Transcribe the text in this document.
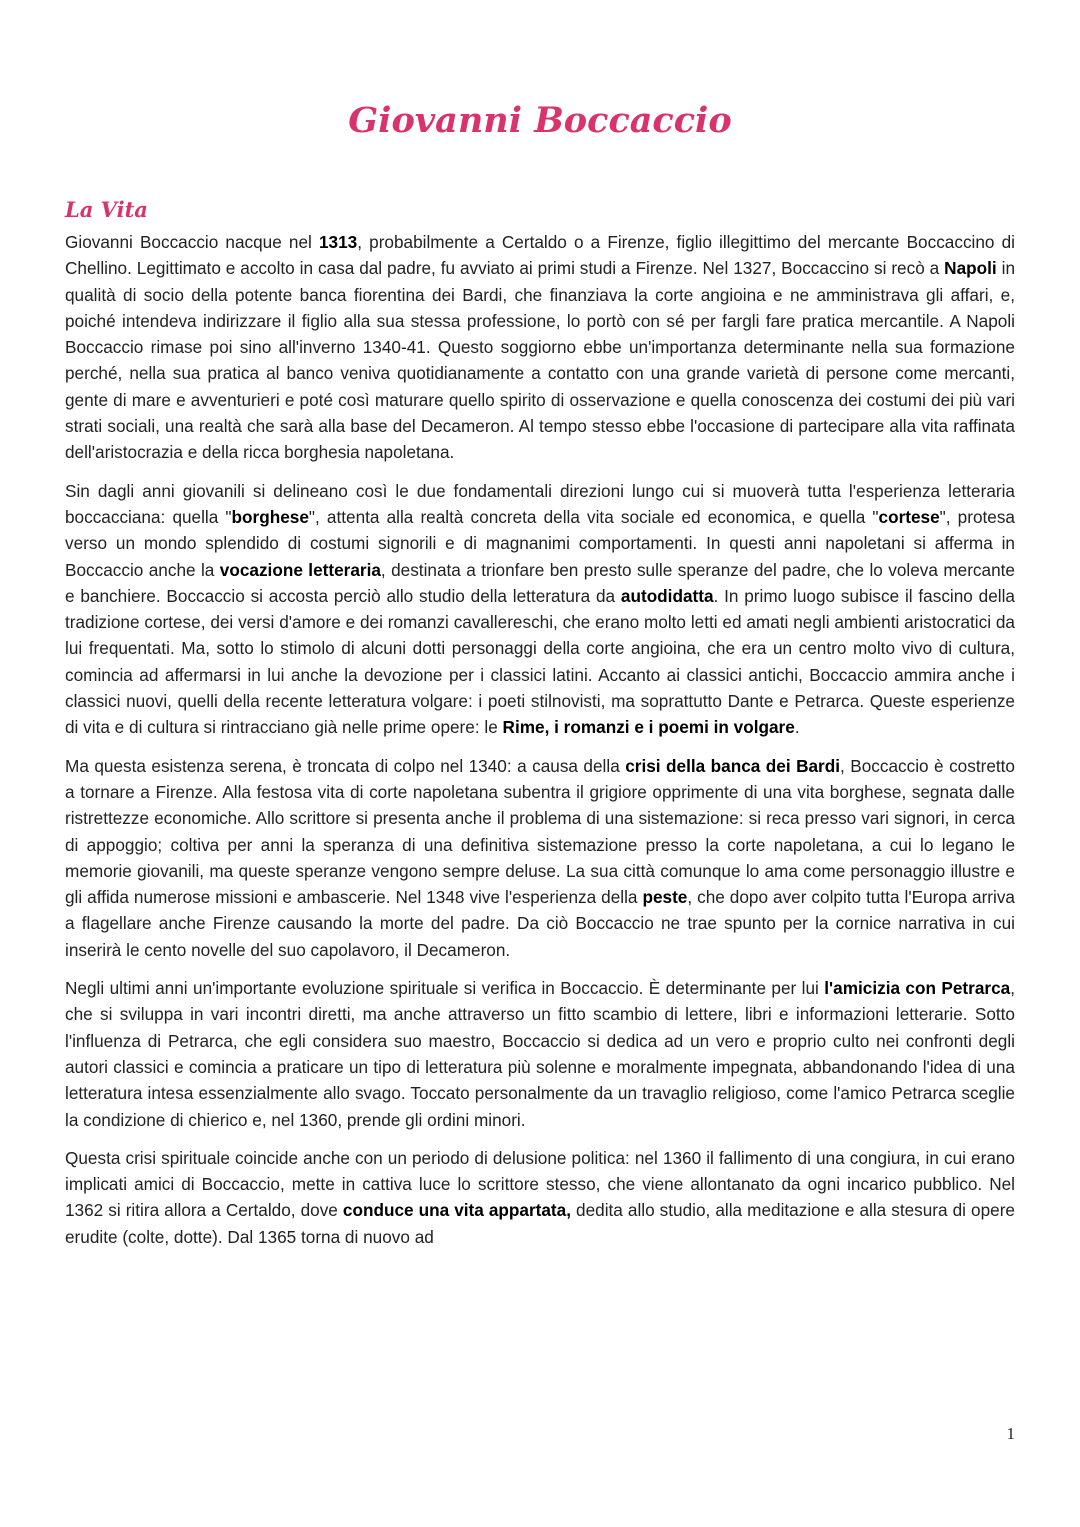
Giovanni Boccaccio
La Vita

Giovanni Boccaccio nacque nel 1313, probabilmente a Certaldo o a Firenze, figlio illegittimo del mercante Boccaccino di Chellino. Legittimato e accolto in casa dal padre, fu avviato ai primi studi a Firenze. Nel 1327, Boccaccino si recò a Napoli in qualità di socio della potente banca fiorentina dei Bardi, che finanziava la corte angioina e ne amministrava gli affari, e, poiché intendeva indirizzare il figlio alla sua stessa professione, lo portò con sé per fargli fare pratica mercantile. A Napoli Boccaccio rimase poi sino all'inverno 1340-41. Questo soggiorno ebbe un'importanza determinante nella sua formazione perché, nella sua pratica al banco veniva quotidianamente a contatto con una grande varietà di persone come mercanti, gente di mare e avventurieri e poté così maturare quello spirito di osservazione e quella conoscenza dei costumi dei più vari strati sociali, una realtà che sarà alla base del Decameron. Al tempo stesso ebbe l'occasione di partecipare alla vita raffinata dell'aristocrazia e della ricca borghesia napoletana.

Sin dagli anni giovanili si delineano così le due fondamentali direzioni lungo cui si muoverà tutta l'esperienza letteraria boccacciana: quella "borghese", attenta alla realtà concreta della vita sociale ed economica, e quella "cortese", protesa verso un mondo splendido di costumi signorili e di magnanimi comportamenti. In questi anni napoletani si afferma in Boccaccio anche la vocazione letteraria, destinata a trionfare ben presto sulle speranze del padre, che lo voleva mercante e banchiere. Boccaccio si accosta perciò allo studio della letteratura da autodidatta. In primo luogo subisce il fascino della tradizione cortese, dei versi d'amore e dei romanzi cavallereschi, che erano molto letti ed amati negli ambienti aristocratici da lui frequentati. Ma, sotto lo stimolo di alcuni dotti personaggi della corte angioina, che era un centro molto vivo di cultura, comincia ad affermarsi in lui anche la devozione per i classici latini. Accanto ai classici antichi, Boccaccio ammira anche i classici nuovi, quelli della recente letteratura volgare: i poeti stilnovisti, ma soprattutto Dante e Petrarca. Queste esperienze di vita e di cultura si rintracciano già nelle prime opere: le Rime, i romanzi e i poemi in volgare.

Ma questa esistenza serena, è troncata di colpo nel 1340: a causa della crisi della banca dei Bardi, Boccaccio è costretto a tornare a Firenze. Alla festosa vita di corte napoletana subentra il grigiore opprimente di una vita borghese, segnata dalle ristrettezze economiche. Allo scrittore si presenta anche il problema di una sistemazione: si reca presso vari signori, in cerca di appoggio; coltiva per anni la speranza di una definitiva sistemazione presso la corte napoletana, a cui lo legano le memorie giovanili, ma queste speranze vengono sempre deluse. La sua città comunque lo ama come personaggio illustre e gli affida numerose missioni e ambascerie. Nel 1348 vive l'esperienza della peste, che dopo aver colpito tutta l'Europa arriva a flagellare anche Firenze causando la morte del padre. Da ciò Boccaccio ne trae spunto per la cornice narrativa in cui inserirà le cento novelle del suo capolavoro, il Decameron.

Negli ultimi anni un'importante evoluzione spirituale si verifica in Boccaccio. È determinante per lui l'amicizia con Petrarca, che si sviluppa in vari incontri diretti, ma anche attraverso un fitto scambio di lettere, libri e informazioni letterarie. Sotto l'influenza di Petrarca, che egli considera suo maestro, Boccaccio si dedica ad un vero e proprio culto nei confronti degli autori classici e comincia a praticare un tipo di letteratura più solenne e moralmente impegnata, abbandonando l'idea di una letteratura intesa essenzialmente allo svago. Toccato personalmente da un travaglio religioso, come l'amico Petrarca sceglie la condizione di chierico e, nel 1360, prende gli ordini minori.

Questa crisi spirituale coincide anche con un periodo di delusione politica: nel 1360 il fallimento di una congiura, in cui erano implicati amici di Boccaccio, mette in cattiva luce lo scrittore stesso, che viene allontanato da ogni incarico pubblico. Nel 1362 si ritira allora a Certaldo, dove conduce una vita appartata, dedita allo studio, alla meditazione e alla stesura di opere erudite (colte, dotte). Dal 1365 torna di nuovo ad

1
